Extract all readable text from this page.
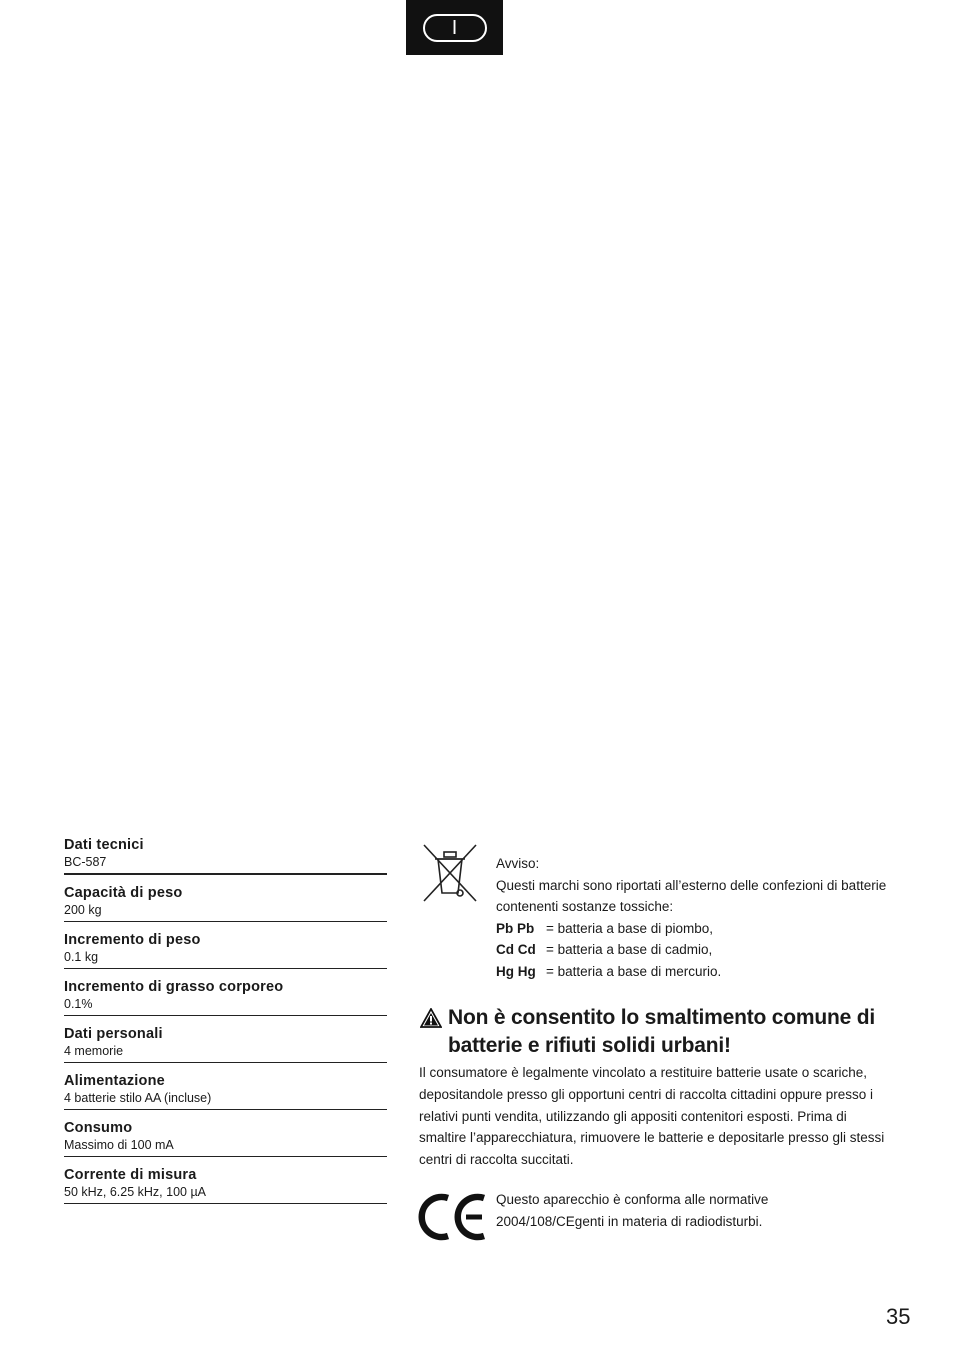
I
Dati tecnici
BC-587
Capacità di peso
200 kg
Incremento di peso
0.1 kg
Incremento di grasso corporeo
0.1%
Dati personali
4 memorie
Alimentazione
4 batterie stilo AA (incluse)
Consumo
Massimo di 100 mA
Corrente di misura
50 kHz, 6.25 kHz, 100 µA
Avviso:
Questi marchi sono riportati all’esterno delle confezioni di batterie contenenti sostanze tossiche:
Pb Pb = batteria a base di piombo,
Cd Cd = batteria a base di cadmio,
Hg Hg = batteria a base di mercurio.
Non è consentito lo smaltimento comune di batterie e rifiuti solidi urbani!
Il consumatore è legalmente vincolato a restituire batterie usate o scariche, depositandole presso gli opportuni centri di raccolta cittadini oppure presso i relativi punti vendita, utilizzando gli appositi contenitori esposti. Prima di smaltire l’apparecchiatura, rimuovere le batterie e depositarle presso gli stessi centri di raccolta succitati.
Questo aparecchio è conforma alle normative 2004/108/CEgenti in materia di radiodisturbi.
35
